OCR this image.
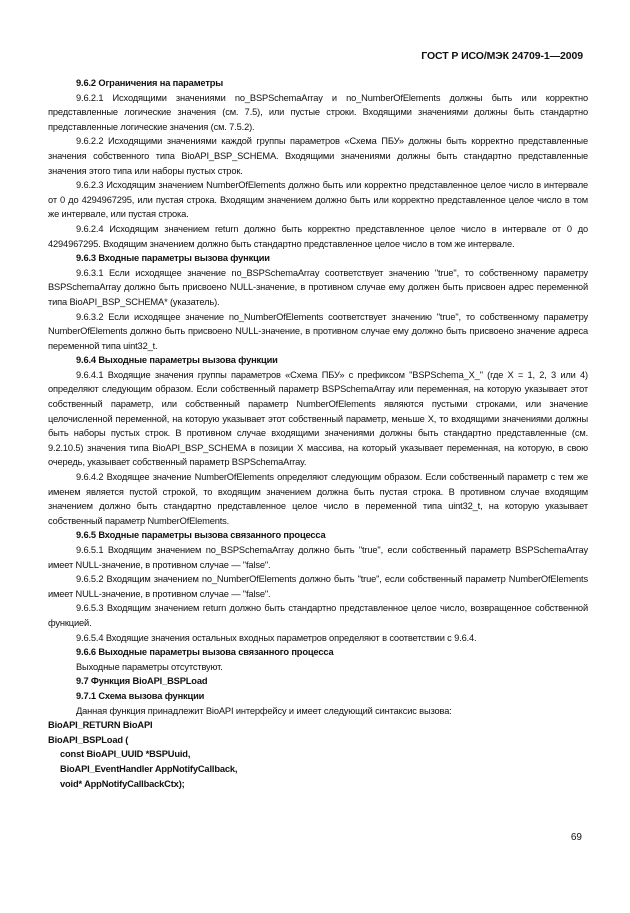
ГОСТ Р ИСО/МЭК 24709-1—2009

9.6.2 Ограничения на параметры

9.6.2.1 Исходящими значениями no_BSPSchemaArray и no_NumberOfElements должны быть или корректно представленные логические значения (см. 7.5), или пустые строки. Входящими значениями должны быть стандартно представленные логические значения (см. 7.5.2).

9.6.2.2 Исходящими значениями каждой группы параметров «Схема ПБУ» должны быть корректно представленные значения собственного типа BioAPI_BSP_SCHEMA. Входящими значениями должны быть стандартно представленные значения этого типа или наборы пустых строк.

9.6.2.3 Исходящим значением NumberOfElements должно быть или корректно представленное целое число в интервале от 0 до 4294967295, или пустая строка. Входящим значением должно быть или корректно представленное целое число в том же интервале, или пустая строка.

9.6.2.4 Исходящим значением return должно быть корректно представленное целое число в интервале от 0 до 4294967295. Входящим значением должно быть стандартно представленное целое число в том же интервале.

9.6.3 Входные параметры вызова функции

9.6.3.1 Если исходящее значение no_BSPSchemaArray соответствует значению "true", то собственному параметру BSPSchemaArray должно быть присвоено NULL-значение, в противном случае ему должен быть присвоен адрес переменной типа BioAPI_BSP_SCHEMA* (указатель).

9.6.3.2 Если исходящее значение no_NumberOfElements соответствует значению "true", то собственному параметру NumberOfElements должно быть присвоено NULL-значение, в противном случае ему должно быть присвоено значение адреса переменной типа uint32_t.

9.6.4 Выходные параметры вызова функции

9.6.4.1 Входящие значения группы параметров «Схема ПБУ» с префиксом "BSPSchema_X_" (где X = 1, 2, 3 или 4) определяют следующим образом. Если собственный параметр BSPSchemaArray или переменная, на которую указывает этот собственный параметр, или собственный параметр NumberOfElements являются пустыми строками, или значение целочисленной переменной, на которую указывает этот собственный параметр, меньше X, то входящими значениями должны быть наборы пустых строк. В противном случае входящими значениями должны быть стандартно представленные (см. 9.2.10.5) значения типа BioAPI_BSP_SCHEMA в позиции X массива, на который указывает переменная, на которую, в свою очередь, указывает собственный параметр BSPSchemaArray.

9.6.4.2 Входящее значение NumberOfElements определяют следующим образом. Если собственный параметр с тем же именем является пустой строкой, то входящим значением должна быть пустая строка. В противном случае входящим значением должно быть стандартно представленное целое число в переменной типа uint32_t, на которую указывает собственный параметр NumberOfElements.

9.6.5 Входные параметры вызова связанного процесса

9.6.5.1 Входящим значением no_BSPSchemaArray должно быть "true", если собственный параметр BSPSchemaArray имеет NULL-значение, в противном случае — "false".

9.6.5.2 Входящим значением no_NumberOfElements должно быть "true", если собственный параметр NumberOfElements имеет NULL-значение, в противном случае — "false".

9.6.5.3 Входящим значением return должно быть стандартно представленное целое число, возвращенное собственной функцией.

9.6.5.4 Входящие значения остальных входных параметров определяют в соответствии с 9.6.4.

9.6.6 Выходные параметры вызова связанного процесса

Выходные параметры отсутствуют.

9.7 Функция BioAPI_BSPLoad

9.7.1 Схема вызова функции

Данная функция принадлежит BioAPI интерфейсу и имеет следующий синтаксис вызова:

BioAPI_RETURN BioAPI

BioAPI_BSPLoad (

const BioAPI_UUID *BSPUuid,

BioAPI_EventHandler AppNotifyCallback,

void* AppNotifyCallbackCtx);

69
